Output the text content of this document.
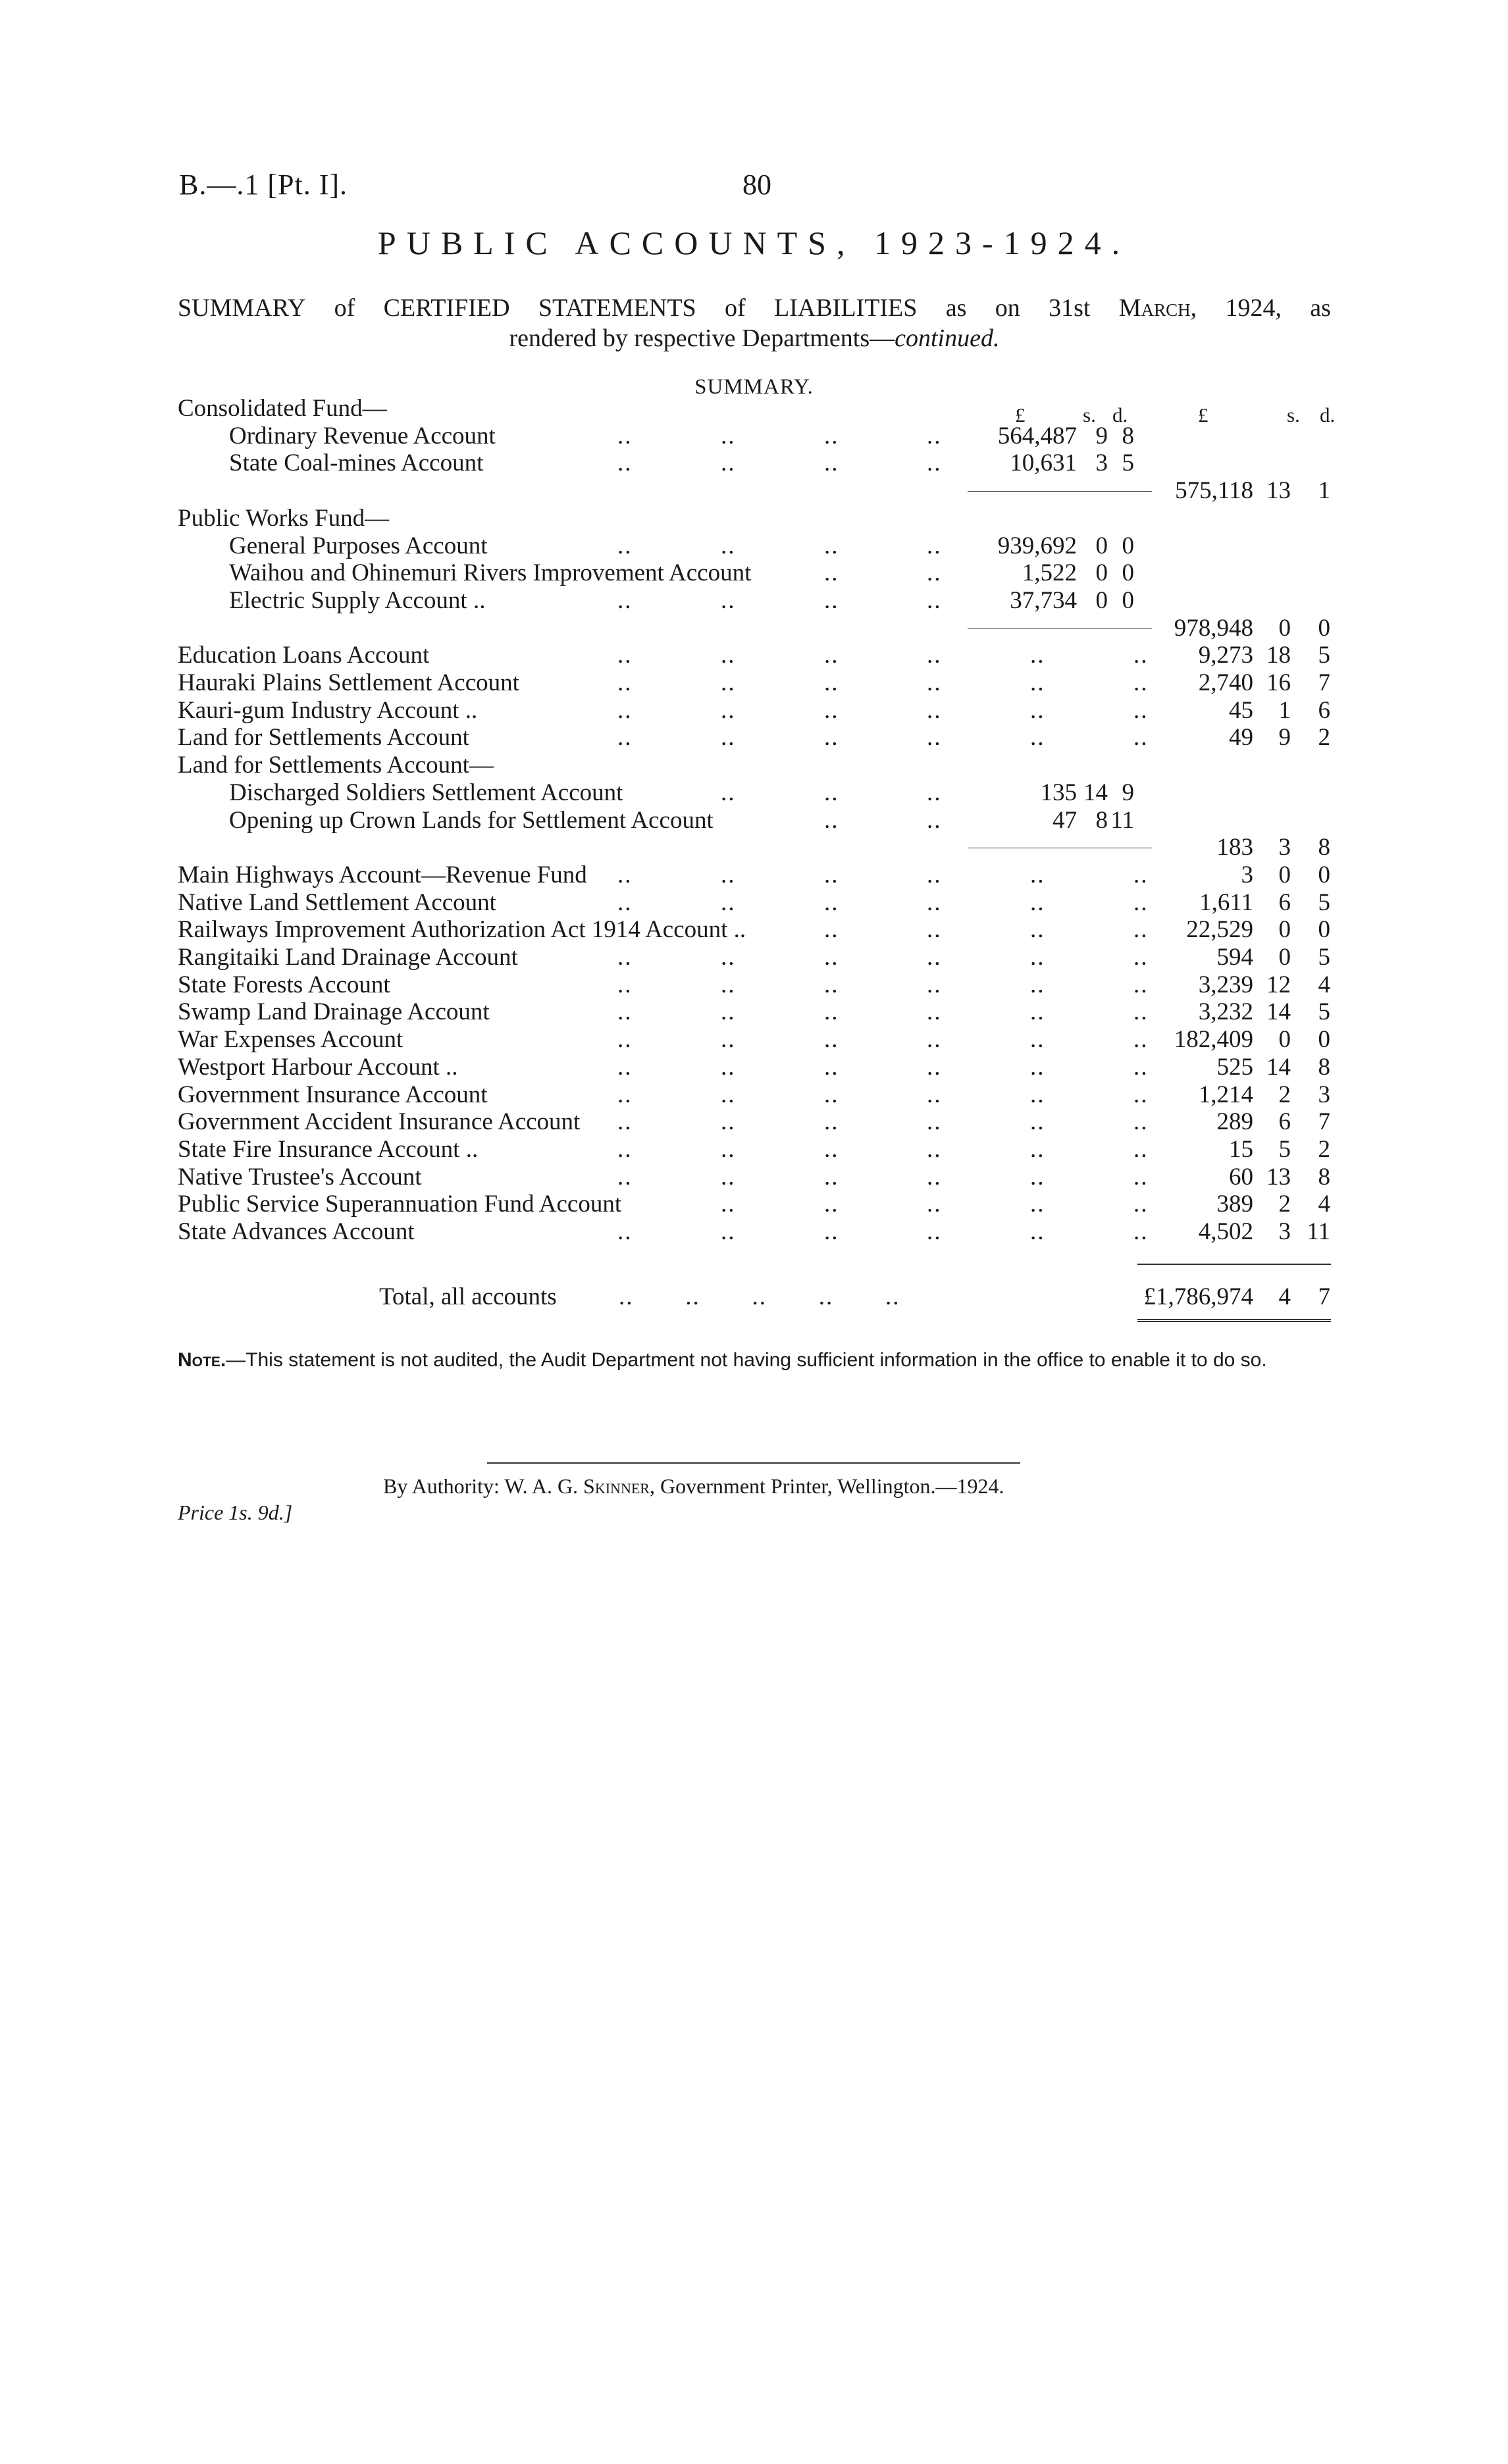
B.—.1 [Pt. I].	80
PUBLIC ACCOUNTS, 1923-1924.
SUMMARY of CERTIFIED STATEMENTS of LIABILITIES as on 31st March, 1924, as
rendered by respective Departments—continued.
SUMMARY.
£	s. d.	£	s. d.
Consolidated Fund—
Ordinary Revenue Account	..	..	..	.. 564,487 9 8
State Coal-mines Account	..	..	..	..	10,631 3 5
575,118 13	1
Public Works Fund—
General Purposes Account	..	..	..	.. 939,692 0 0
Waihou and Ohinemuri Rivers Improvement Account	..	..	1,522 0 0
Electric Supply Account ..	..	..	..	..	37,734 0 0
978,948	0	0
Education Loans Account	..	..	..	..	..	.. 9,273 18	5
Hauraki Plains Settlement Account	..	..	..	..	..	.. 2,740 16	7
Kauri-gum Industry Account ..	..	..	..	..	..	..	45	1	6
Land for Settlements Account	..	..	..	..	..	..	49	9	2
Land for Settlements Account—
Discharged Soldiers Settlement Account	..	..	..	135 14 9
Opening up Crown Lands for Settlement Account	..	..	47 8 11
183	3	8
Main Highways Account—Revenue Fund ..	..	..	..	..	..	3	0	0
Native Land Settlement Account	..	..	..	..	..	.. 1,611	6	5
Railways Improvement Authorization Act 1914 Account ..	..	..	..	.. 22,529	0	0
Rangitaiki Land Drainage Account	..	..	..	..	..	..	594	0	5
State Forests Account	..	..	..	..	..	.. 3,239 12	4
Swamp Land Drainage Account	..	..	..	..	..	.. 3,232 14	5
War Expenses Account	..	..	..	..	..	.. 182,409	0	0
Westport Harbour Account ..	..	..	..	..	..	..	525 14	8
Government Insurance Account	..	..	..	..	..	.. 1,214	2	3
Government Accident Insurance Account ..	..	..	..	..	..	289	6	7
State Fire Insurance Account ..	..	..	..	..	..	..	15	5	2
Native Trustee's Account	..	..	..	..	..	..	60 13	8
Public Service Superannuation Fund Account	..	..	..	..	..	389	2	4
State Advances Account	..	..	..	..	..	.. 4,502	3 11
Total, all accounts	..       ..       ..       ..       ..	£1,786,974	4	7
Note.—This statement is not audited, the Audit Department not having sufficient information in the office to enable it to do so.
By Authority: W. A. G. Skinner, Government Printer, Wellington.—1924.
Price 1s. 9d.]
